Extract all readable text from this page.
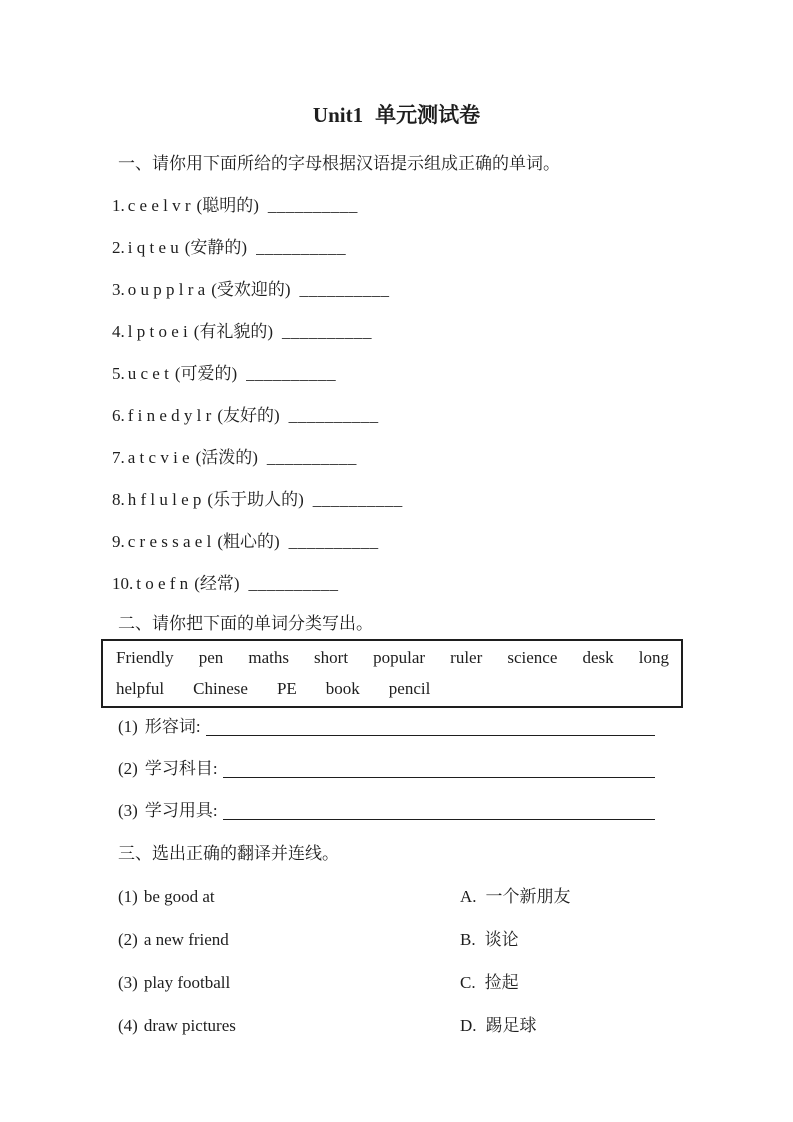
Unit1 单元测试卷
一、请你用下面所给的字母根据汉语提示组成正确的单词。
1. c e e l v r (聪明的) __________
2. i q t e u (安静的) __________
3. o u p p l r a (受欢迎的) __________
4. l p t o e i (有礼貌的) __________
5. u c e t (可爱的) __________
6. f i n e d y l r (友好的) __________
7. a t c v i e (活泼的) __________
8. h f l u l e p (乐于助人的) __________
9. c r e s s a e l (粗心的) __________
10. t o e f n (经常) __________
二、请你把下面的单词分类写出。
Friendly pen maths short popular ruler science desk long
helpful Chinese PE book pencil
(1) 形容词:
(2) 学习科目:
(3) 学习用具:
三、选出正确的翻译并连线。
(1) be good at	A. 一个新朋友
(2) a new friend	B. 谈论
(3) play football	C. 捡起
(4) draw pictures	D. 踢足球
